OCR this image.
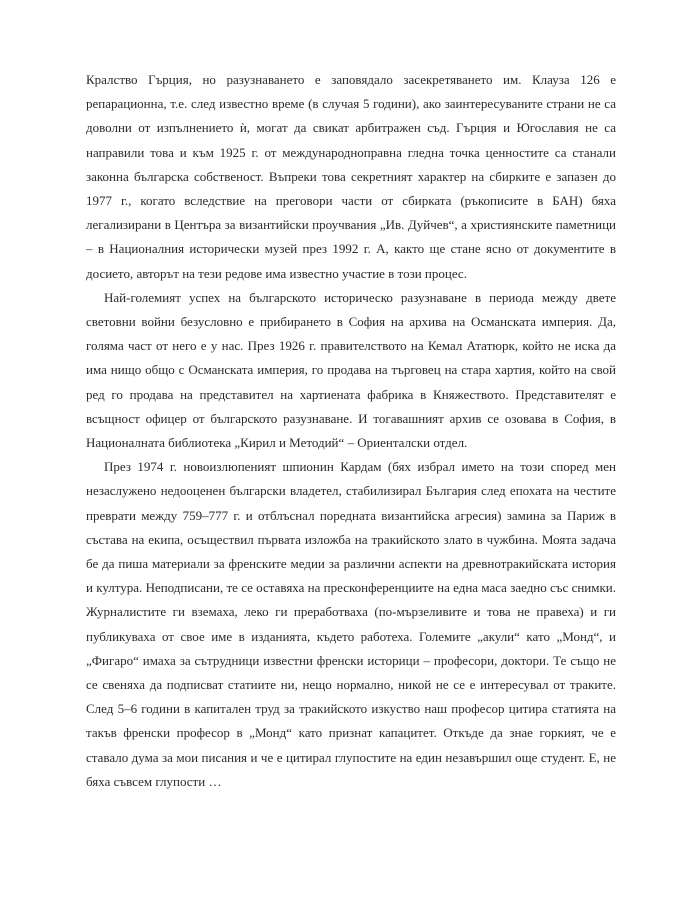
Кралство Гърция, но разузнаването е заповядало засекретяването им. Клауза 126 е репарационна, т.е. след известно време (в случая 5 години), ако заинтересуваните страни не са доволни от изпълнението ѝ, могат да свикат арбитражен съд. Гърция и Югославия не са направили това и към 1925 г. от международноправна гледна точка ценностите са станали законна българска собственост. Въпреки това секретният характер на сбирките е запазен до 1977 г., когато вследствие на преговори части от сбирката (ръкописите в БАН) бяха легализирани в Центъра за византийски проучвания „Ив. Дуйчев“, а християнските паметници – в Националния исторически музей през 1992 г. А, както ще стане ясно от документите в досието, авторът на тези редове има известно участие в този процес.

Най-големият успех на българското историческо разузнаване в периода между двете световни войни безусловно е прибирането в София на архива на Османската империя. Да, голяма част от него е у нас. През 1926 г. правителството на Кемал Ататюрк, който не иска да има нищо общо с Османската империя, го продава на търговец на стара хартия, който на свой ред го продава на представител на хартиената фабрика в Княжеството. Представителят е всъщност офицер от българското разузнаване. И тогавашният архив се озовава в София, в Националната библиотека „Кирил и Методий“ – Ориенталски отдел.

През 1974 г. новоизлюпеният шпионин Кардам (бях избрал името на този според мен незаслужено недооценен български владетел, стабилизирал България след епохата на честите преврати между 759–777 г. и отблъснал поредната византийска агресия) замина за Париж в състава на екипа, осъществил първата изложба на тракийското злато в чужбина. Моята задача бе да пиша материали за френските медии за различни аспекти на древнотракийската история и култура. Неподписани, те се оставяха на пресконференциите на една маса заедно със снимки. Журналистите ги вземаха, леко ги преработваха (по-мързеливите и това не правеха) и ги публикуваха от свое име в изданията, където работеха. Големите „акули“ като „Монд“, и „Фигаро“ имаха за сътрудници известни френски историци – професори, доктори. Те също не се свеняха да подписват статиите ни, нещо нормално, никой не се е интересувал от траките. След 5–6 години в капитален труд за тракийското изкуство наш професор цитира статията на такъв френски професор в „Монд“ като признат капацитет. Откъде да знае горкият, че е ставало дума за мои писания и че е цитирал глупостите на един незавършил още студент. Е, не бяха съвсем глупости …
